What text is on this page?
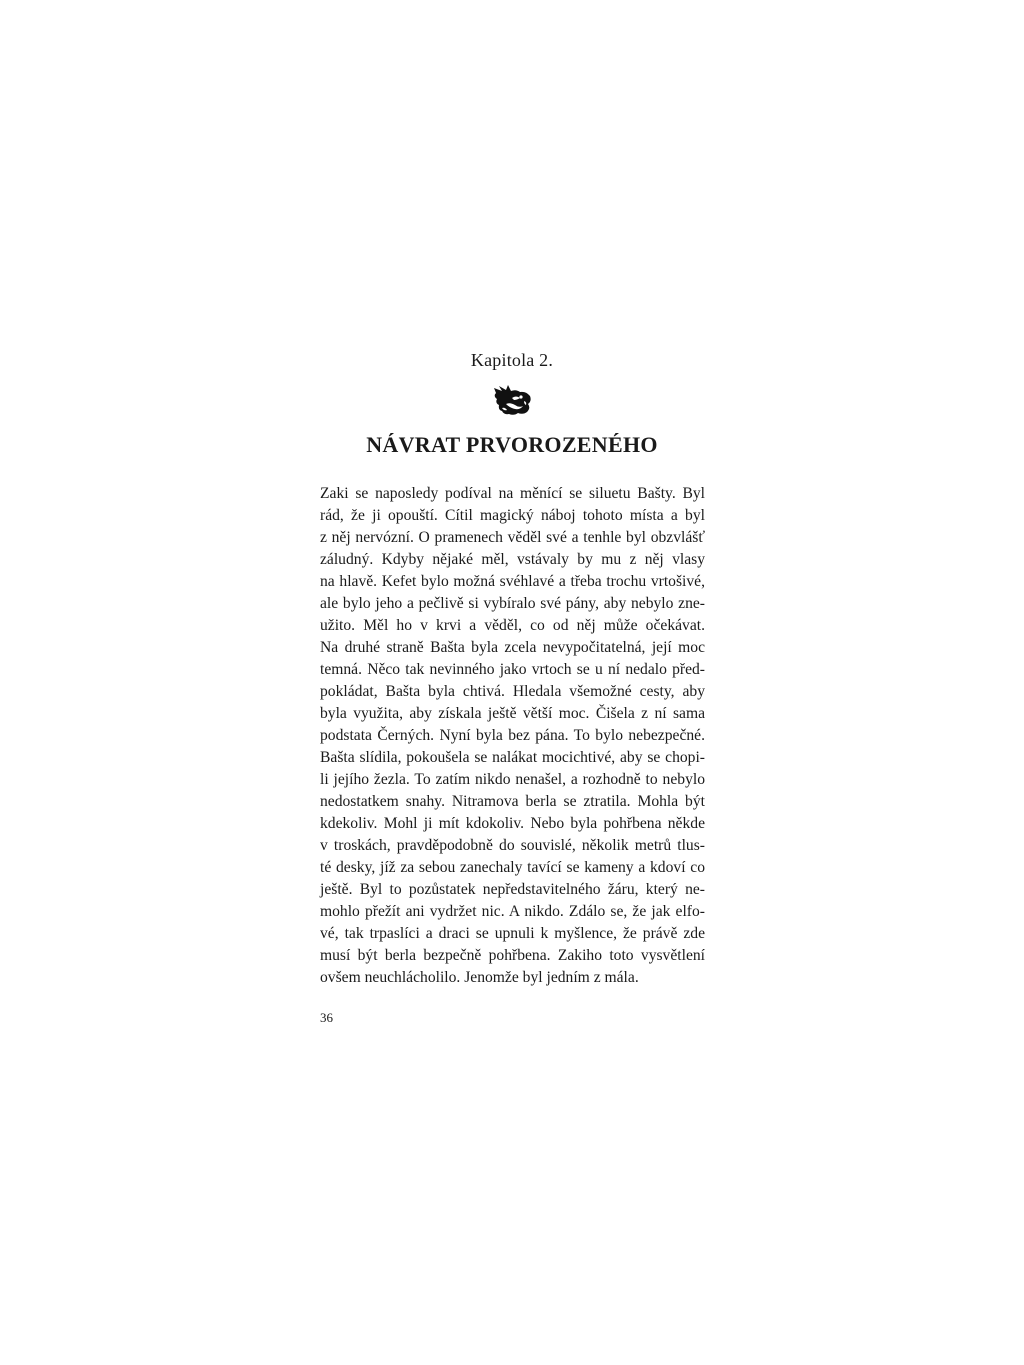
Kapitola 2.
NÁVRAT PRVOROZENÉHO
Zaki se naposledy podíval na měnící se siluetu Bašty. Byl
rád, že ji opouští. Cítil magický náboj tohoto místa a byl
z něj nervózní. O pramenech věděl své a tenhle byl obzvlášť
záludný. Kdyby nějaké měl, vstávaly by mu z něj vlasy
na hlavě. Kefet bylo možná svéhlavé a třeba trochu vrtošivé,
ale bylo jeho a pečlivě si vybíralo své pány, aby nebylo zne-
užito. Měl ho v krvi a věděl, co od něj může očekávat.
Na druhé straně Bašta byla zcela nevypočitatelná, její moc
temná. Něco tak nevinného jako vrtoch se u ní nedalo před-
pokládat, Bašta byla chtivá. Hledala všemožné cesty, aby
byla využita, aby získala ještě větší moc. Čišela z ní sama
podstata Černých. Nyní byla bez pána. To bylo nebezpečné.
Bašta slídila, pokoušela se nalákat mocichtivé, aby se chopi-
li jejího žezla. To zatím nikdo nenašel, a rozhodně to nebylo
nedostatkem snahy. Nitramova berla se ztratila. Mohla být
kdekoliv. Mohl ji mít kdokoliv. Nebo byla pohřbena někde
v troskách, pravděpodobně do souvislé, několik metrů tlus-
té desky, jíž za sebou zanechaly tavící se kameny a kdoví co
ještě. Byl to pozůstatek nepředstavitelného žáru, který ne-
mohlo přežít ani vydržet nic. A nikdo. Zdálo se, že jak elfo-
vé, tak trpaslíci a draci se upnuli k myšlence, že právě zde
musí být berla bezpečně pohřbena. Zakiho toto vysvětlení
ovšem neuchlácholilo. Jenomže byl jedním z mála.
36
